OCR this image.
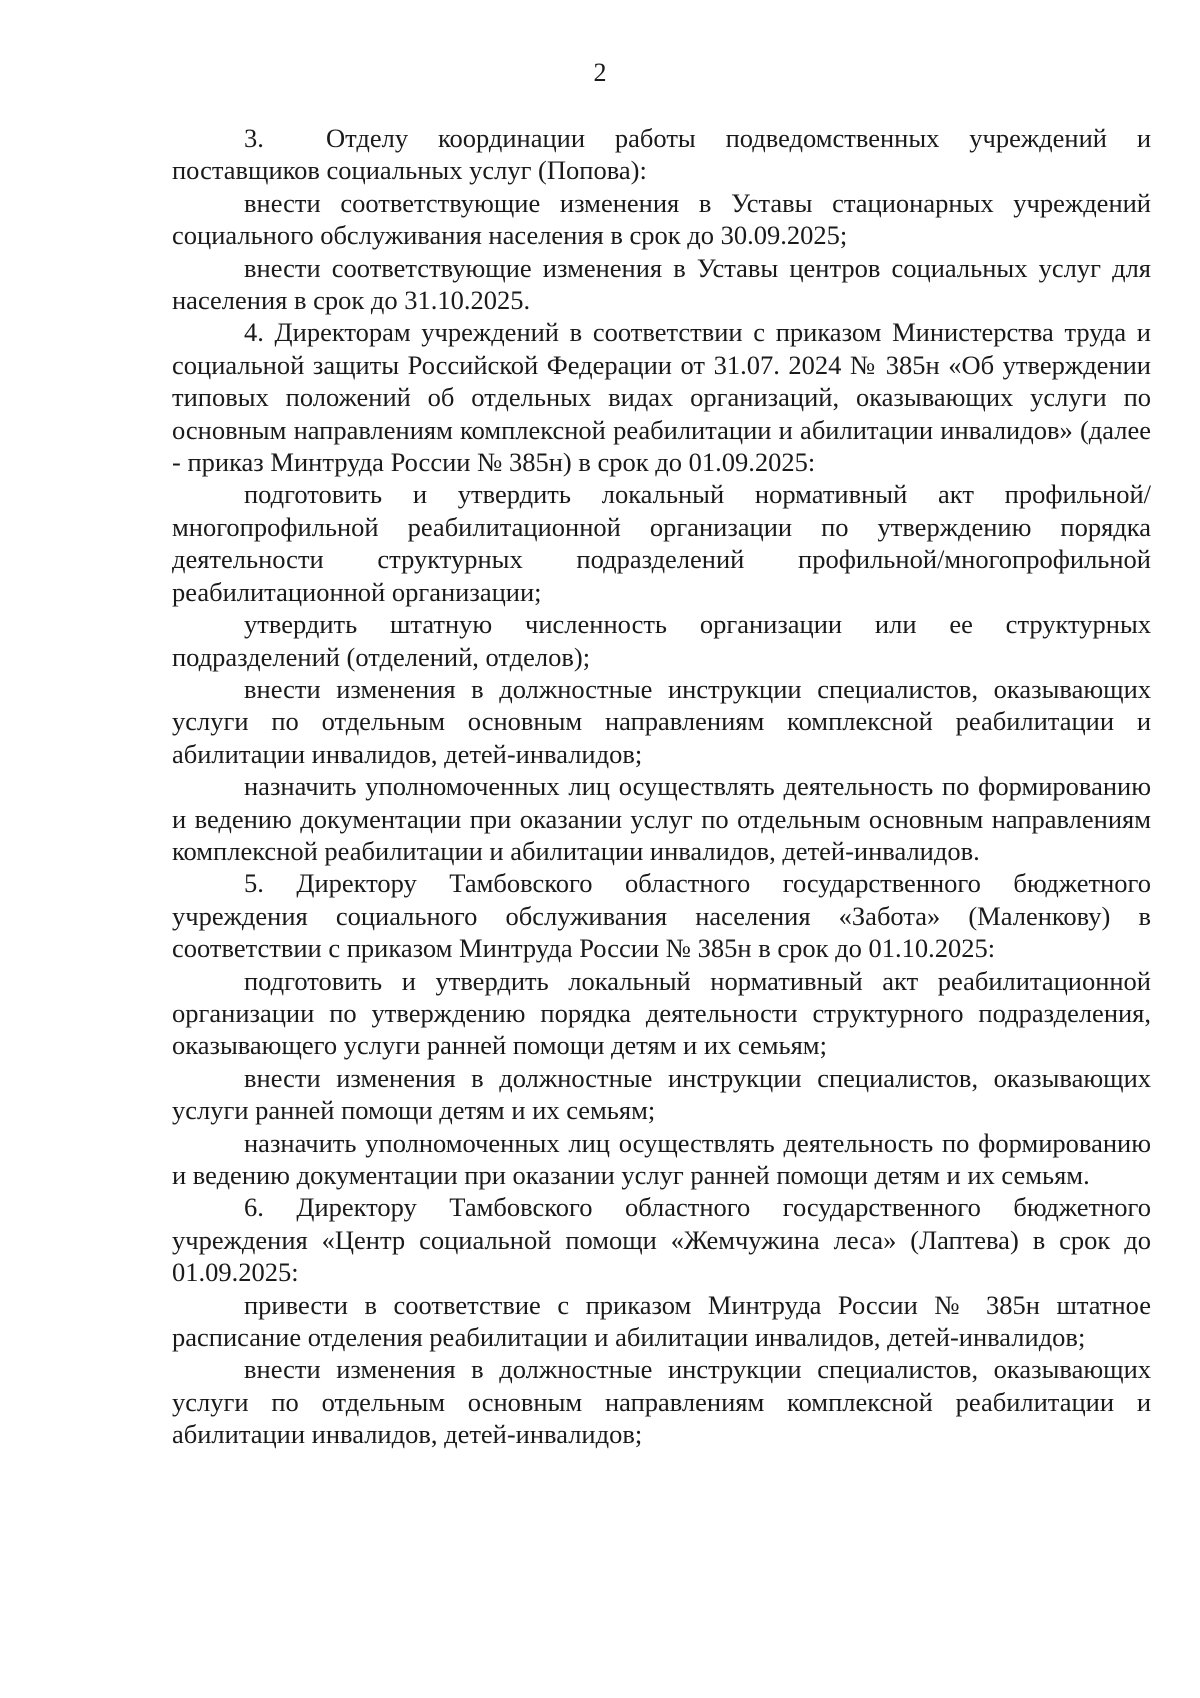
2

3. Отделу координации работы подведомственных учреждений и поставщиков социальных услуг (Попова):

внести соответствующие изменения в Уставы стационарных учреждений социального обслуживания населения в срок до 30.09.2025;

внести соответствующие изменения в Уставы центров социальных услуг для населения в срок до 31.10.2025.

4. Директорам учреждений в соответствии с приказом Министерства труда и социальной защиты Российской Федерации от 31.07. 2024 № 385н «Об утверждении типовых положений об отдельных видах организаций, оказывающих услуги по основным направлениям комплексной реабилитации и абилитации инвалидов» (далее - приказ Минтруда России № 385н) в срок до 01.09.2025:

подготовить и утвердить локальный нормативный акт профильной/ многопрофильной реабилитационной организации по утверждению порядка деятельности структурных подразделений профильной/многопрофильной реабилитационной организации;

утвердить штатную численность организации или ее структурных подразделений (отделений, отделов);

внести изменения в должностные инструкции специалистов, оказывающих услуги по отдельным основным направлениям комплексной реабилитации и абилитации инвалидов, детей-инвалидов;

назначить уполномоченных лиц осуществлять деятельность по формированию и ведению документации при оказании услуг по отдельным основным направлениям комплексной реабилитации и абилитации инвалидов, детей-инвалидов.

5. Директору Тамбовского областного государственного бюджетного учреждения социального обслуживания населения «Забота» (Маленкову) в соответствии с приказом Минтруда России № 385н в срок до 01.10.2025:

подготовить и утвердить локальный нормативный акт реабилитационной организации по утверждению порядка деятельности структурного подразделения, оказывающего услуги ранней помощи детям и их семьям;

внести изменения в должностные инструкции специалистов, оказывающих услуги ранней помощи детям и их семьям;

назначить уполномоченных лиц осуществлять деятельность по формированию и ведению документации при оказании услуг ранней помощи детям и их семьям.

6. Директору Тамбовского областного государственного бюджетного учреждения «Центр социальной помощи «Жемчужина леса» (Лаптева) в срок до 01.09.2025:

привести в соответствие с приказом Минтруда России № 385н штатное расписание отделения реабилитации и абилитации инвалидов, детей-инвалидов;

внести изменения в должностные инструкции специалистов, оказывающих услуги по отдельным основным направлениям комплексной реабилитации и абилитации инвалидов, детей-инвалидов;
